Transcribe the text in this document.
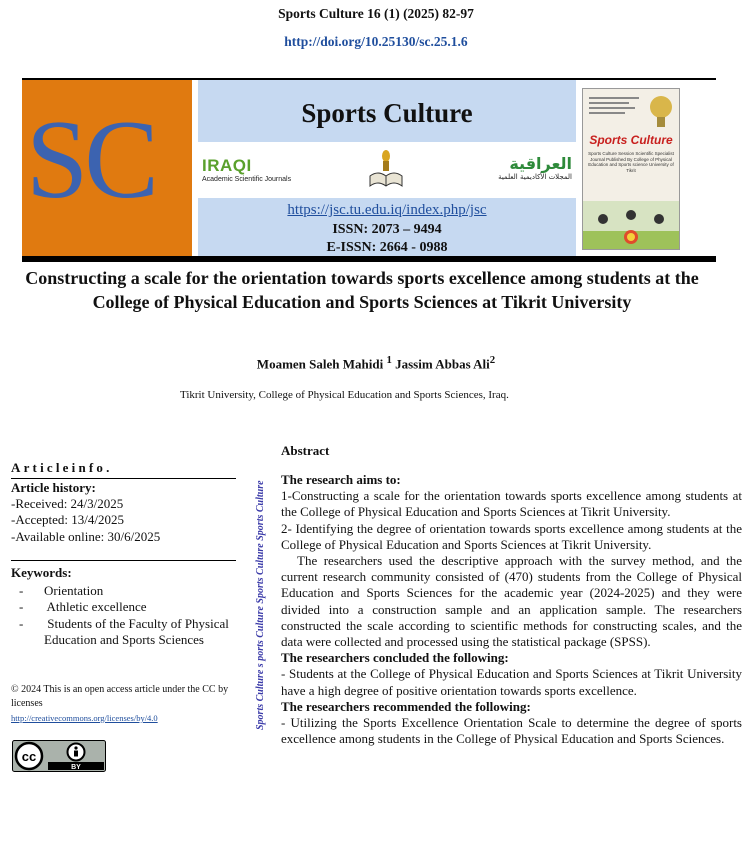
Sports Culture 16 (1) (2025) 82-97
http://doi.org/10.25130/sc.25.1.6
SC	Sports Culture
IRAQI
Academic Scientific Journals
العراقية
المجلات الأكاديمية العلمية
https://jsc.tu.edu.iq/index.php/jsc
ISSN: 2073 – 9494
E-ISSN: 2664 - 0988
Sports Culture
Sports Culture Session Scientific Specialist Journal Published By College of Physical Education and Sports science University of Tikrit
Constructing a scale for the orientation towards sports excellence among students at the College of Physical Education and Sports Sciences at Tikrit University
Moamen Saleh Mahidi $^1$ Jassim Abbas Ali$^2$
Tikrit University, College of Physical Education and Sports Sciences, Iraq.
Articleinfo.
Article history:
-Received: 24/3/2025
-Accepted: 13/4/2025
-Available online: 30/6/2025
Keywords:
-	Orientation
-	Athletic excellence
-	Students of the Faculty of Physical Education and Sports Sciences
© 2024 This is an open access article under the CC by licenses
http://creativecommons.org/licenses/by/4.0
cc
BY
Sports Culture s ports Culture Sports Culture Sports Culture
Abstract

The research aims to:

1-Constructing a scale for the orientation towards sports excellence among students at the College of Physical Education and Sports Sciences at Tikrit University.

2- Identifying the degree of orientation towards sports excellence among students at the College of Physical Education and Sports Sciences at Tikrit University.

The researchers used the descriptive approach with the survey method, and the current research community consisted of (470) students from the College of Physical Education and Sports Sciences for the academic year (2024-2025) and they were divided into a construction sample and an application sample. The researchers constructed the scale according to scientific methods for constructing scales, and the data were collected and processed using the statistical package (SPSS).

The researchers concluded the following:

- Students at the College of Physical Education and Sports Sciences at Tikrit University have a high degree of positive orientation towards sports excellence.

The researchers recommended the following:

- Utilizing the Sports Excellence Orientation Scale to determine the degree of sports excellence among students in the College of Physical Education and Sports Sciences.
